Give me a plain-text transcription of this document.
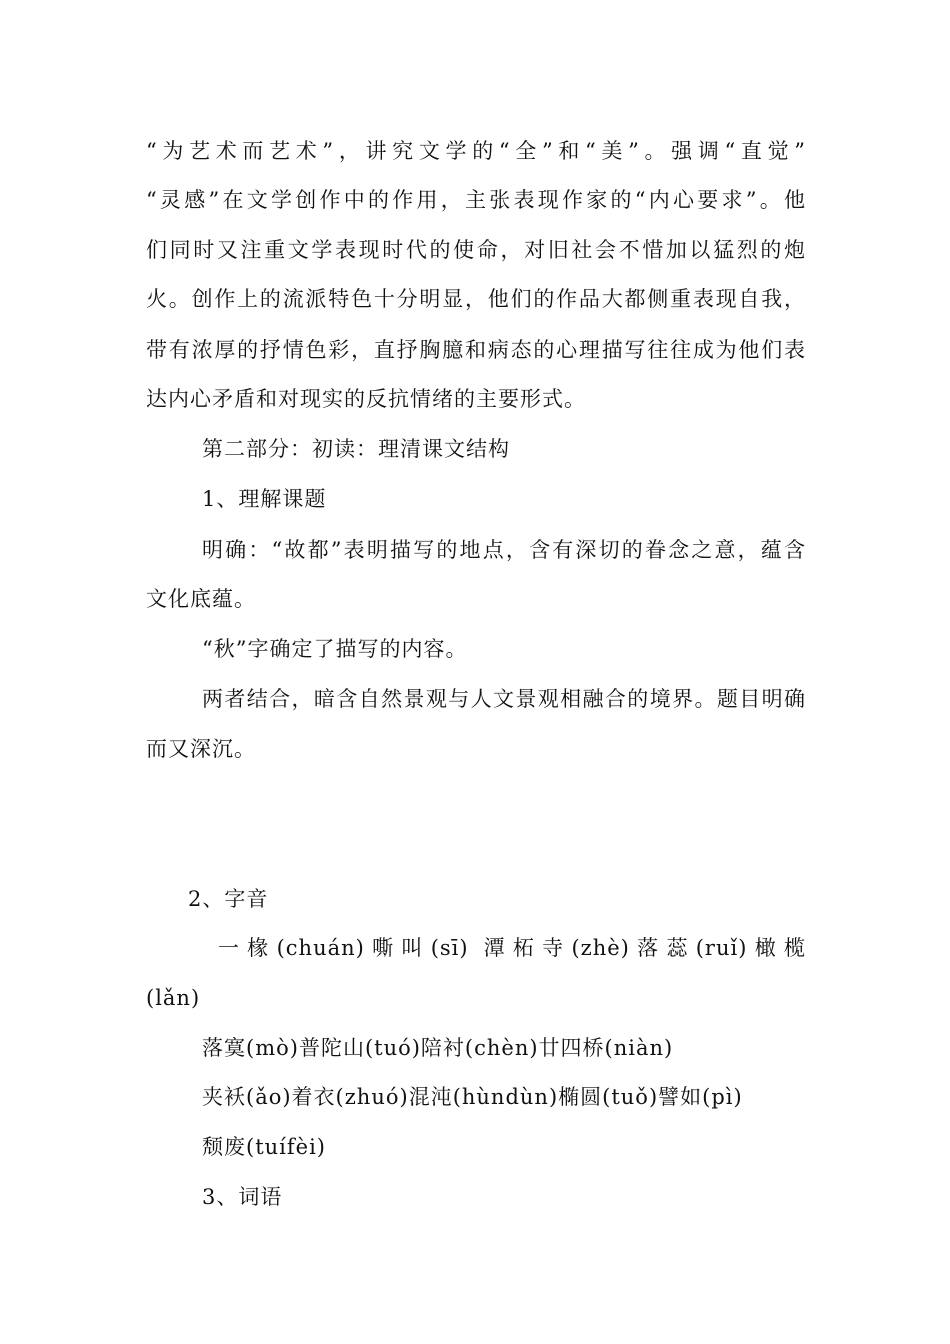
“为艺术而艺术”，讲究文学的“全”和“美”。强调“直觉”
“灵感”在文学创作中的作用，主张表现作家的“内心要求”。他
们同时又注重文学表现时代的使命，对旧社会不惜加以猛烈的炮
火。创作上的流派特色十分明显，他们的作品大都侧重表现自我，
带有浓厚的抒情色彩，直抒胸臆和病态的心理描写往往成为他们表
达内心矛盾和对现实的反抗情绪的主要形式。
第二部分：初读：理清课文结构
1、理解课题
明确：“故都”表明描写的地点，含有深切的眷念之意，蕴含
文化底蕴。
“秋”字确定了描写的内容。
两者结合，暗含自然景观与人文景观相融合的境界。题目明确
而又深沉。
2、字音
一椽(chuán)嘶叫(sī) 潭柘寺(zhè)落蕊(ruǐ)橄榄
(lǎn)
落寞(mò)普陀山(tuó)陪衬(chèn)廿四桥(niàn)
夹袄(ǎo)着衣(zhuó)混沌(hùndùn)椭圆(tuǒ)譬如(pì)
颓废(tuífèi)
3、词语
